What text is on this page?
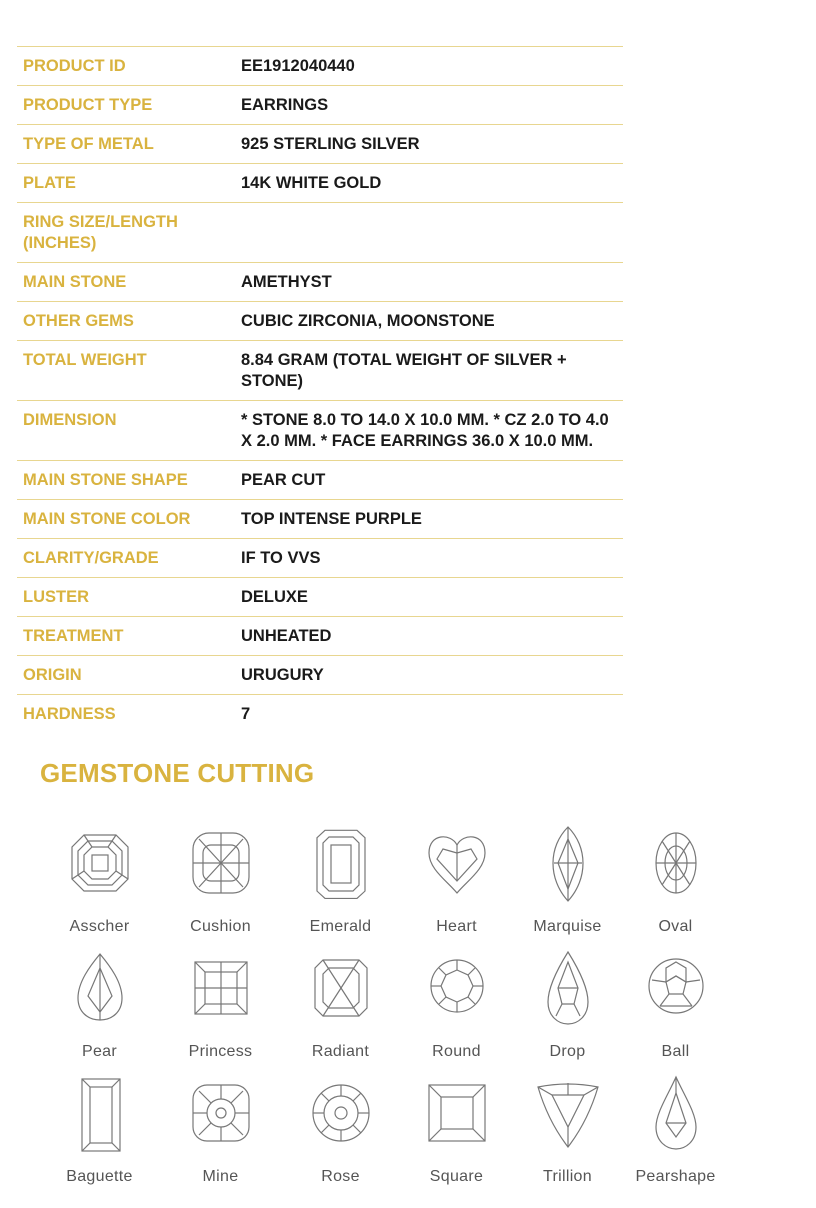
PRODUCT ID	EE1912040440
PRODUCT TYPE	EARRINGS
TYPE OF METAL	925 STERLING SILVER
PLATE	14K WHITE GOLD
RING SIZE/LENGTH (INCHES)	
MAIN STONE	AMETHYST
OTHER GEMS	CUBIC ZIRCONIA, MOONSTONE
TOTAL WEIGHT	8.84 GRAM (TOTAL WEIGHT OF SILVER + STONE)
DIMENSION	* STONE 8.0 TO 14.0 X 10.0 MM. * CZ 2.0 TO 4.0 X 2.0 MM. * FACE EARRINGS 36.0 X 10.0 MM.
MAIN STONE SHAPE	PEAR CUT
MAIN STONE COLOR	TOP INTENSE PURPLE
CLARITY/GRADE	IF TO VVS
LUSTER	DELUXE
TREATMENT	UNHEATED
ORIGIN	URUGURY
HARDNESS	7
GEMSTONE CUTTING
Asscher	Cushion	Emerald	Heart	Marquise	Oval
Pear	Princess	Radiant	Round	Drop	Ball
Baguette	Mine	Rose	Square	Trillion	Pearshape
